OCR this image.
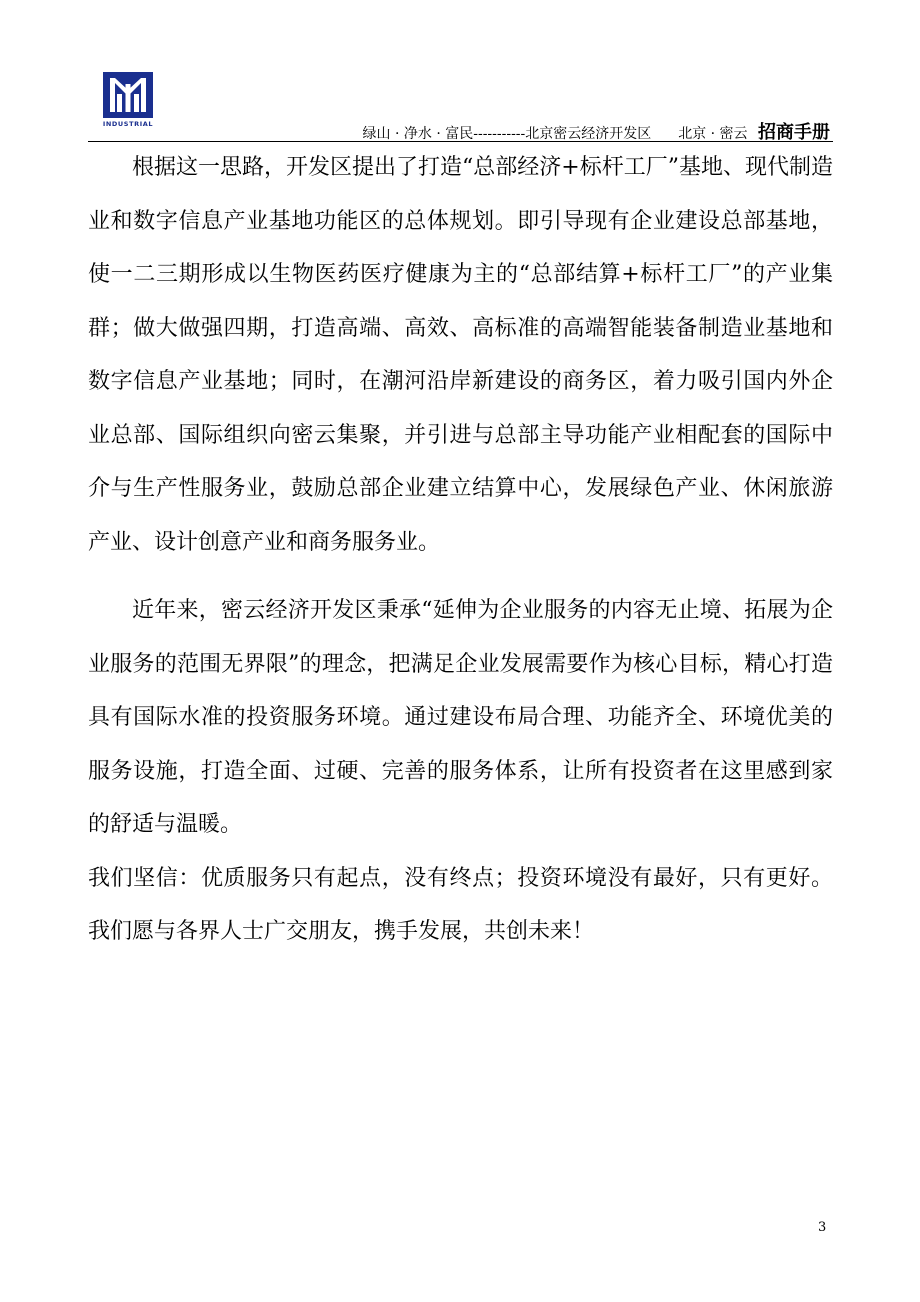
INDUSTRIAL
绿山 · 净水 · 富民-----------北京密云经济开发区 北京 · 密云 招商手册

根据这一思路，开发区提出了打造“总部经济+标杆工厂”基地、现代制造业和数字信息产业基地功能区的总体规划。即引导现有企业建设总部基地，使一二三期形成以生物医药医疗健康为主的“总部结算+标杆工厂”的产业集群；做大做强四期，打造高端、高效、高标准的高端智能装备制造业基地和数字信息产业基地；同时，在潮河沿岸新建设的商务区，着力吸引国内外企业总部、国际组织向密云集聚，并引进与总部主导功能产业相配套的国际中介与生产性服务业，鼓励总部企业建立结算中心，发展绿色产业、休闲旅游产业、设计创意产业和商务服务业。

近年来，密云经济开发区秉承“延伸为企业服务的内容无止境、拓展为企业服务的范围无界限”的理念，把满足企业发展需要作为核心目标，精心打造具有国际水准的投资服务环境。通过建设布局合理、功能齐全、环境优美的服务设施，打造全面、过硬、完善的服务体系，让所有投资者在这里感到家的舒适与温暖。

我们坚信：优质服务只有起点，没有终点；投资环境没有最好，只有更好。我们愿与各界人士广交朋友，携手发展，共创未来！

3
